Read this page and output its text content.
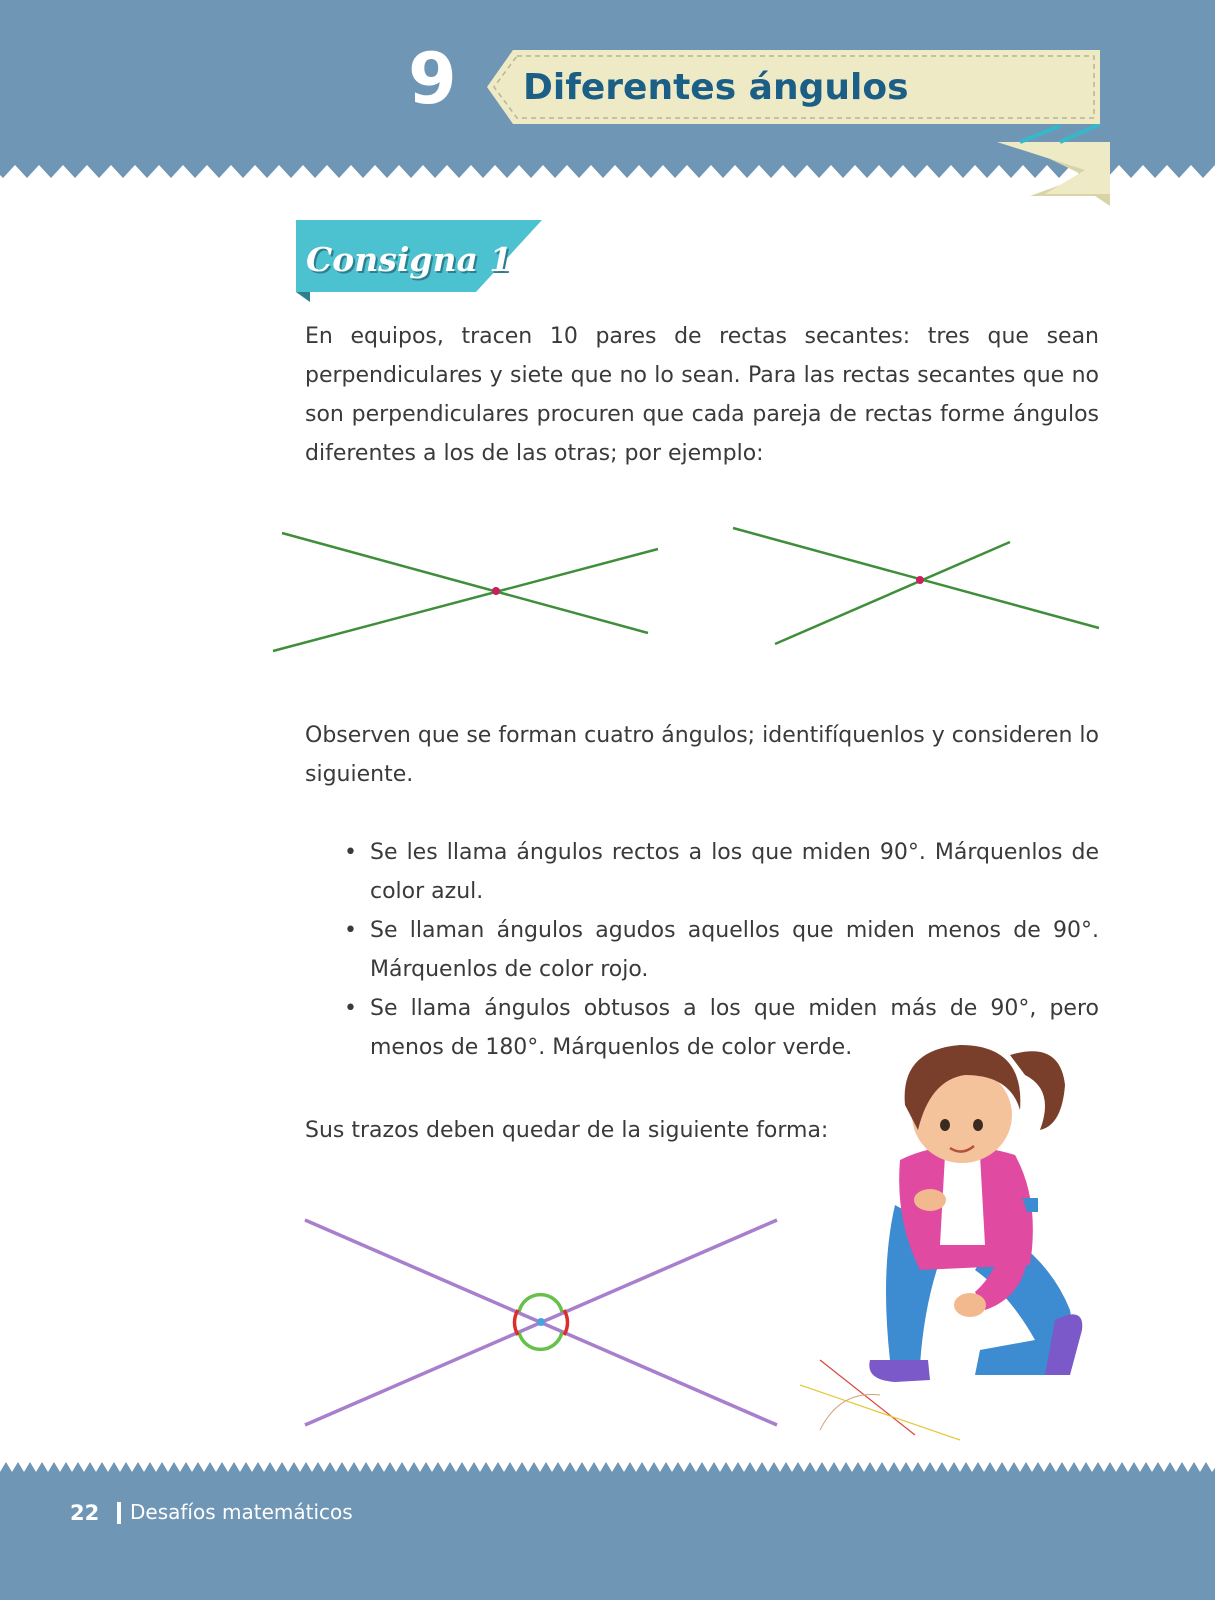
9 Diferentes ángulos
Consigna 1

En equipos, tracen 10 pares de rectas secantes: tres que sean perpendiculares y siete que no lo sean. Para las rectas secantes que no son perpendiculares procuren que cada pareja de rectas forme ángulos diferentes a los de las otras; por ejemplo:

Observen que se forman cuatro ángulos; identifíquenlos y consideren lo siguiente.

• Se les llama ángulos rectos a los que miden 90°. Márquenlos de color azul.
• Se llaman ángulos agudos aquellos que miden menos de 90°. Márquenlos de color rojo.
• Se llama ángulos obtusos a los que miden más de 90°, pero menos de 180°. Márquenlos de color verde.

Sus trazos deben quedar de la siguiente forma:

22 Desafíos matemáticos
